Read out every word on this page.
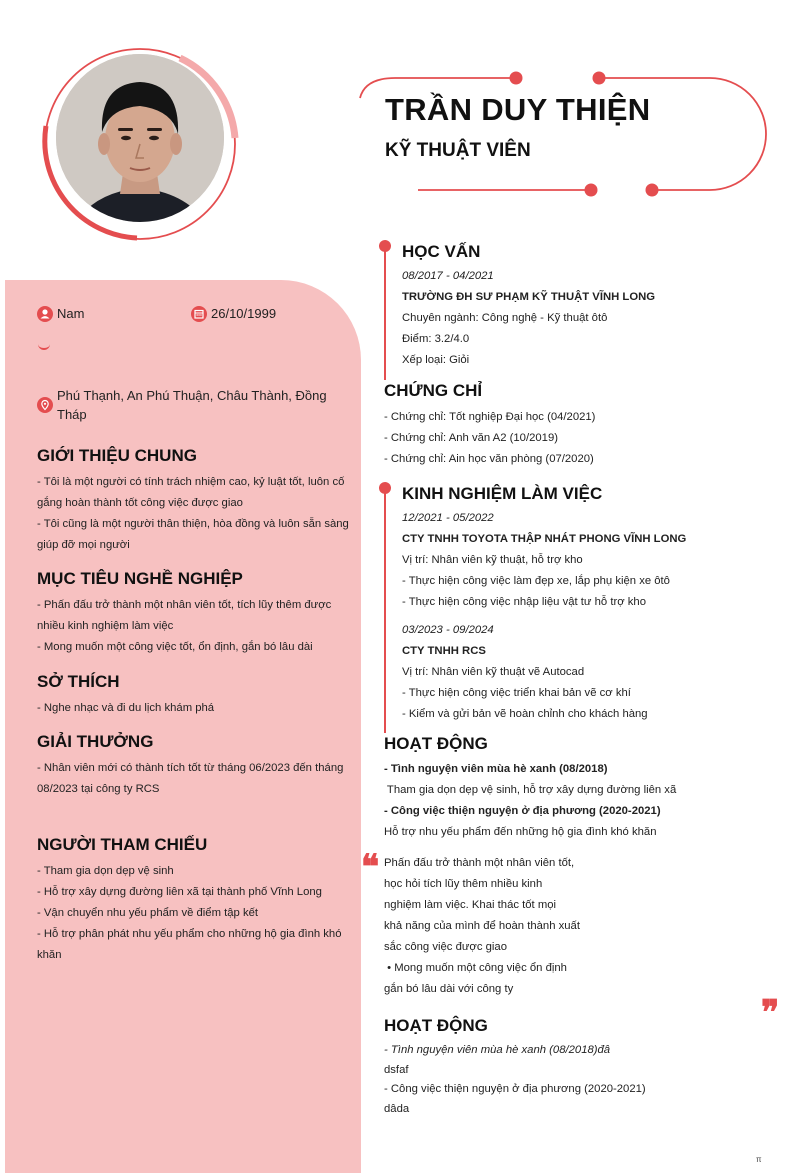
TRẦN DUY THIỆN
KỸ THUẬT VIÊN
Nam	26/10/1999
Phú Thạnh, An Phú Thuận, Châu Thành, Đồng Tháp
GIỚI THIỆU CHUNG

- Tôi là một người có tính trách nhiệm cao, kỷ luật tốt, luôn cố gắng hoàn thành tốt công việc được giao

- Tôi cũng là một người thân thiện, hòa đồng và luôn sẵn sàng giúp đỡ mọi người

MỤC TIÊU NGHỀ NGHIỆP

- Phấn đấu trở thành một nhân viên tốt, tích lũy thêm được nhiều kinh nghiệm làm việc

- Mong muốn một công việc tốt, ổn định, gắn bó lâu dài

SỞ THÍCH

- Nghe nhạc và đi du lịch khám phá

GIẢI THƯỞNG

- Nhân viên mới có thành tích tốt từ tháng 06/2023 đến tháng 08/2023 tại công ty RCS

NGƯỜI THAM CHIẾU

- Tham gia dọn dẹp vệ sinh

- Hỗ trợ xây dựng đường liên xã tại thành phố Vĩnh Long

- Vận chuyển nhu yếu phẩm về điểm tập kết

- Hỗ trợ phân phát nhu yếu phẩm cho những hộ gia đình khó khăn

HỌC VẤN

08/2017 - 04/2021

TRƯỜNG ĐH SƯ PHẠM KỸ THUẬT VĨNH LONG

Chuyên ngành: Công nghệ - Kỹ thuật ôtô

Điểm: 3.2/4.0

Xếp loại: Giỏi

CHỨNG CHỈ

- Chứng chỉ: Tốt nghiệp Đại học (04/2021)

- Chứng chỉ: Anh văn A2 (10/2019)

- Chứng chỉ: Ain học văn phòng (07/2020)

KINH NGHIỆM LÀM VIỆC

12/2021 - 05/2022

CTY TNHH TOYOTA THẬP NHÁT PHONG VĨNH LONG

Vị trí: Nhân viên kỹ thuật, hỗ trợ kho

- Thực hiện công việc làm đẹp xe, lắp phụ kiện xe ôtô

- Thực hiện công việc nhập liệu vật tư hỗ trợ kho

03/2023 - 09/2024

CTY TNHH RCS

Vị trí: Nhân viên kỹ thuật vẽ Autocad

- Thực hiện công việc triển khai bản vẽ cơ khí

- Kiểm và gửi bản vẽ hoàn chỉnh cho khách hàng

HOẠT ĐỘNG

- Tình nguyện viên mùa hè xanh (08/2018)

Tham gia dọn dẹp vệ sinh, hỗ trợ xây dựng đường liên xã

- Công việc thiện nguyện ở địa phương (2020-2021)

Hỗ trợ nhu yếu phẩm đến những hộ gia đình khó khăn

❞ Phấn đấu trở thành một nhân viên tốt,

học hỏi tích lũy thêm nhiều kinh

nghiệm làm việc. Khai thác tốt mọi

khả năng của mình để hoàn thành xuất

sắc công việc được giao

• Mong muốn một công việc ổn định

gắn bó lâu dài với công ty

❞
HOẠT ĐỘNG

- Tình nguyện viên mùa hè xanh (08/2018)đâ

dsfaf

- Công việc thiện nguyện ở địa phương (2020-2021)

dâda

π
